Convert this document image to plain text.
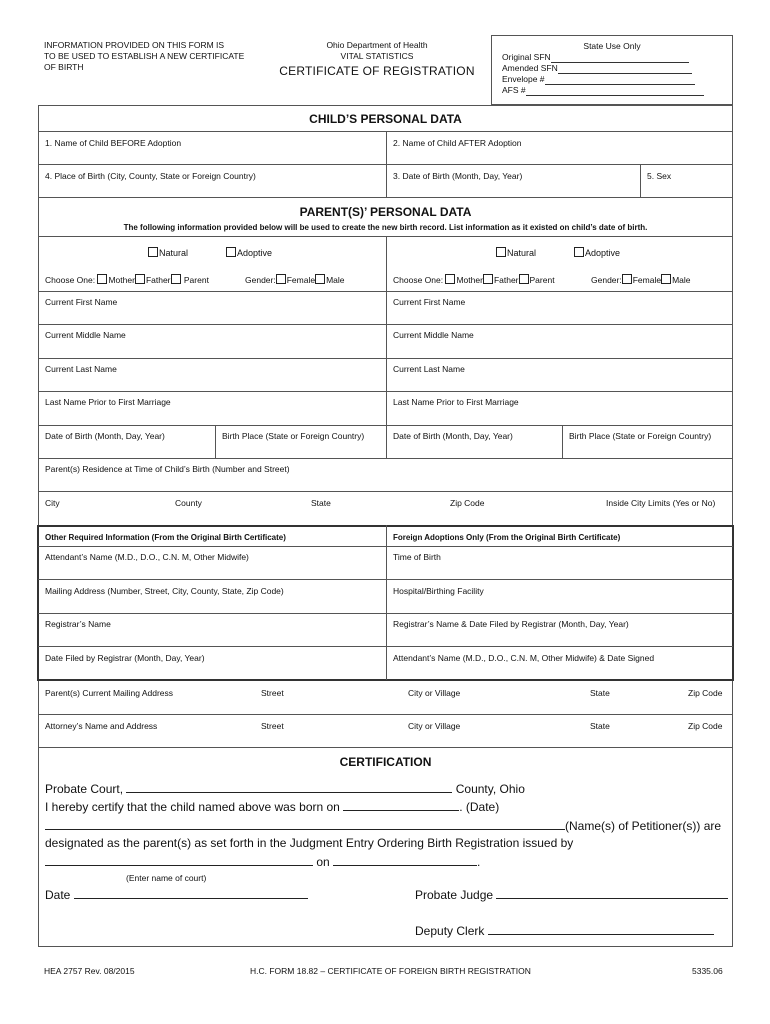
INFORMATION PROVIDED ON THIS FORM IS
TO BE USED TO ESTABLISH A NEW CERTIFICATE
OF BIRTH
Ohio Department of Health
VITAL STATISTICS
CERTIFICATE OF REGISTRATION
State Use Only
Original SFN
Amended SFN
Envelope #
AFS #
CHILD’S PERSONAL DATA
1. Name of Child BEFORE Adoption	2. Name of Child AFTER Adoption
4. Place of Birth (City, County, State or Foreign Country)	3. Date of Birth (Month, Day, Year)	5. Sex
PARENT(S)’ PERSONAL DATA
The following information provided below will be used to create the new birth record. List information as it existed on child’s date of birth.
Natural	Adoptive	Natural	Adoptive
Choose One: Mother Father Parent	Gender: Female Male	Choose One: Mother Father Parent	Gender: Female Male
Current First Name	Current First Name
Current Middle Name	Current Middle Name
Current Last Name	Current Last Name
Last Name Prior to First Marriage	Last Name Prior to First Marriage
Date of Birth (Month, Day, Year)	Birth Place (State or Foreign Country)	Date of Birth (Month, Day, Year)	Birth Place (State or Foreign Country)
Parent(s) Residence at Time of Child’s Birth (Number and Street)
City	County	State	Zip Code	Inside City Limits (Yes or No)
Other Required Information (From the Original Birth Certificate)	Foreign Adoptions Only (From the Original Birth Certificate)
Attendant’s Name (M.D., D.O., C.N. M, Other Midwife)	Time of Birth
Mailing Address (Number, Street, City, County, State, Zip Code)	Hospital/Birthing Facility
Registrar’s Name	Registrar’s Name & Date Filed by Registrar (Month, Day, Year)
Date Filed by Registrar (Month, Day, Year)	Attendant’s Name (M.D., D.O., C.N. M, Other Midwife) & Date Signed
Parent(s) Current Mailing Address	Street	City or Village	State	Zip Code
Attorney’s Name and Address	Street	City or Village	State	Zip Code
CERTIFICATION
Probate Court,	County, Ohio
I hereby certify that the child named above was born on	. (Date)
(Name(s) of Petitioner(s)) are
designated as the parent(s) as set forth in the Judgment Entry Ordering Birth Registration issued by
on	.
(Enter name of court)
Date	Probate Judge
Deputy Clerk
HEA 2757 Rev. 08/2015	H.C. FORM 18.82 – CERTIFICATE OF FOREIGN BIRTH REGISTRATION	5335.06
